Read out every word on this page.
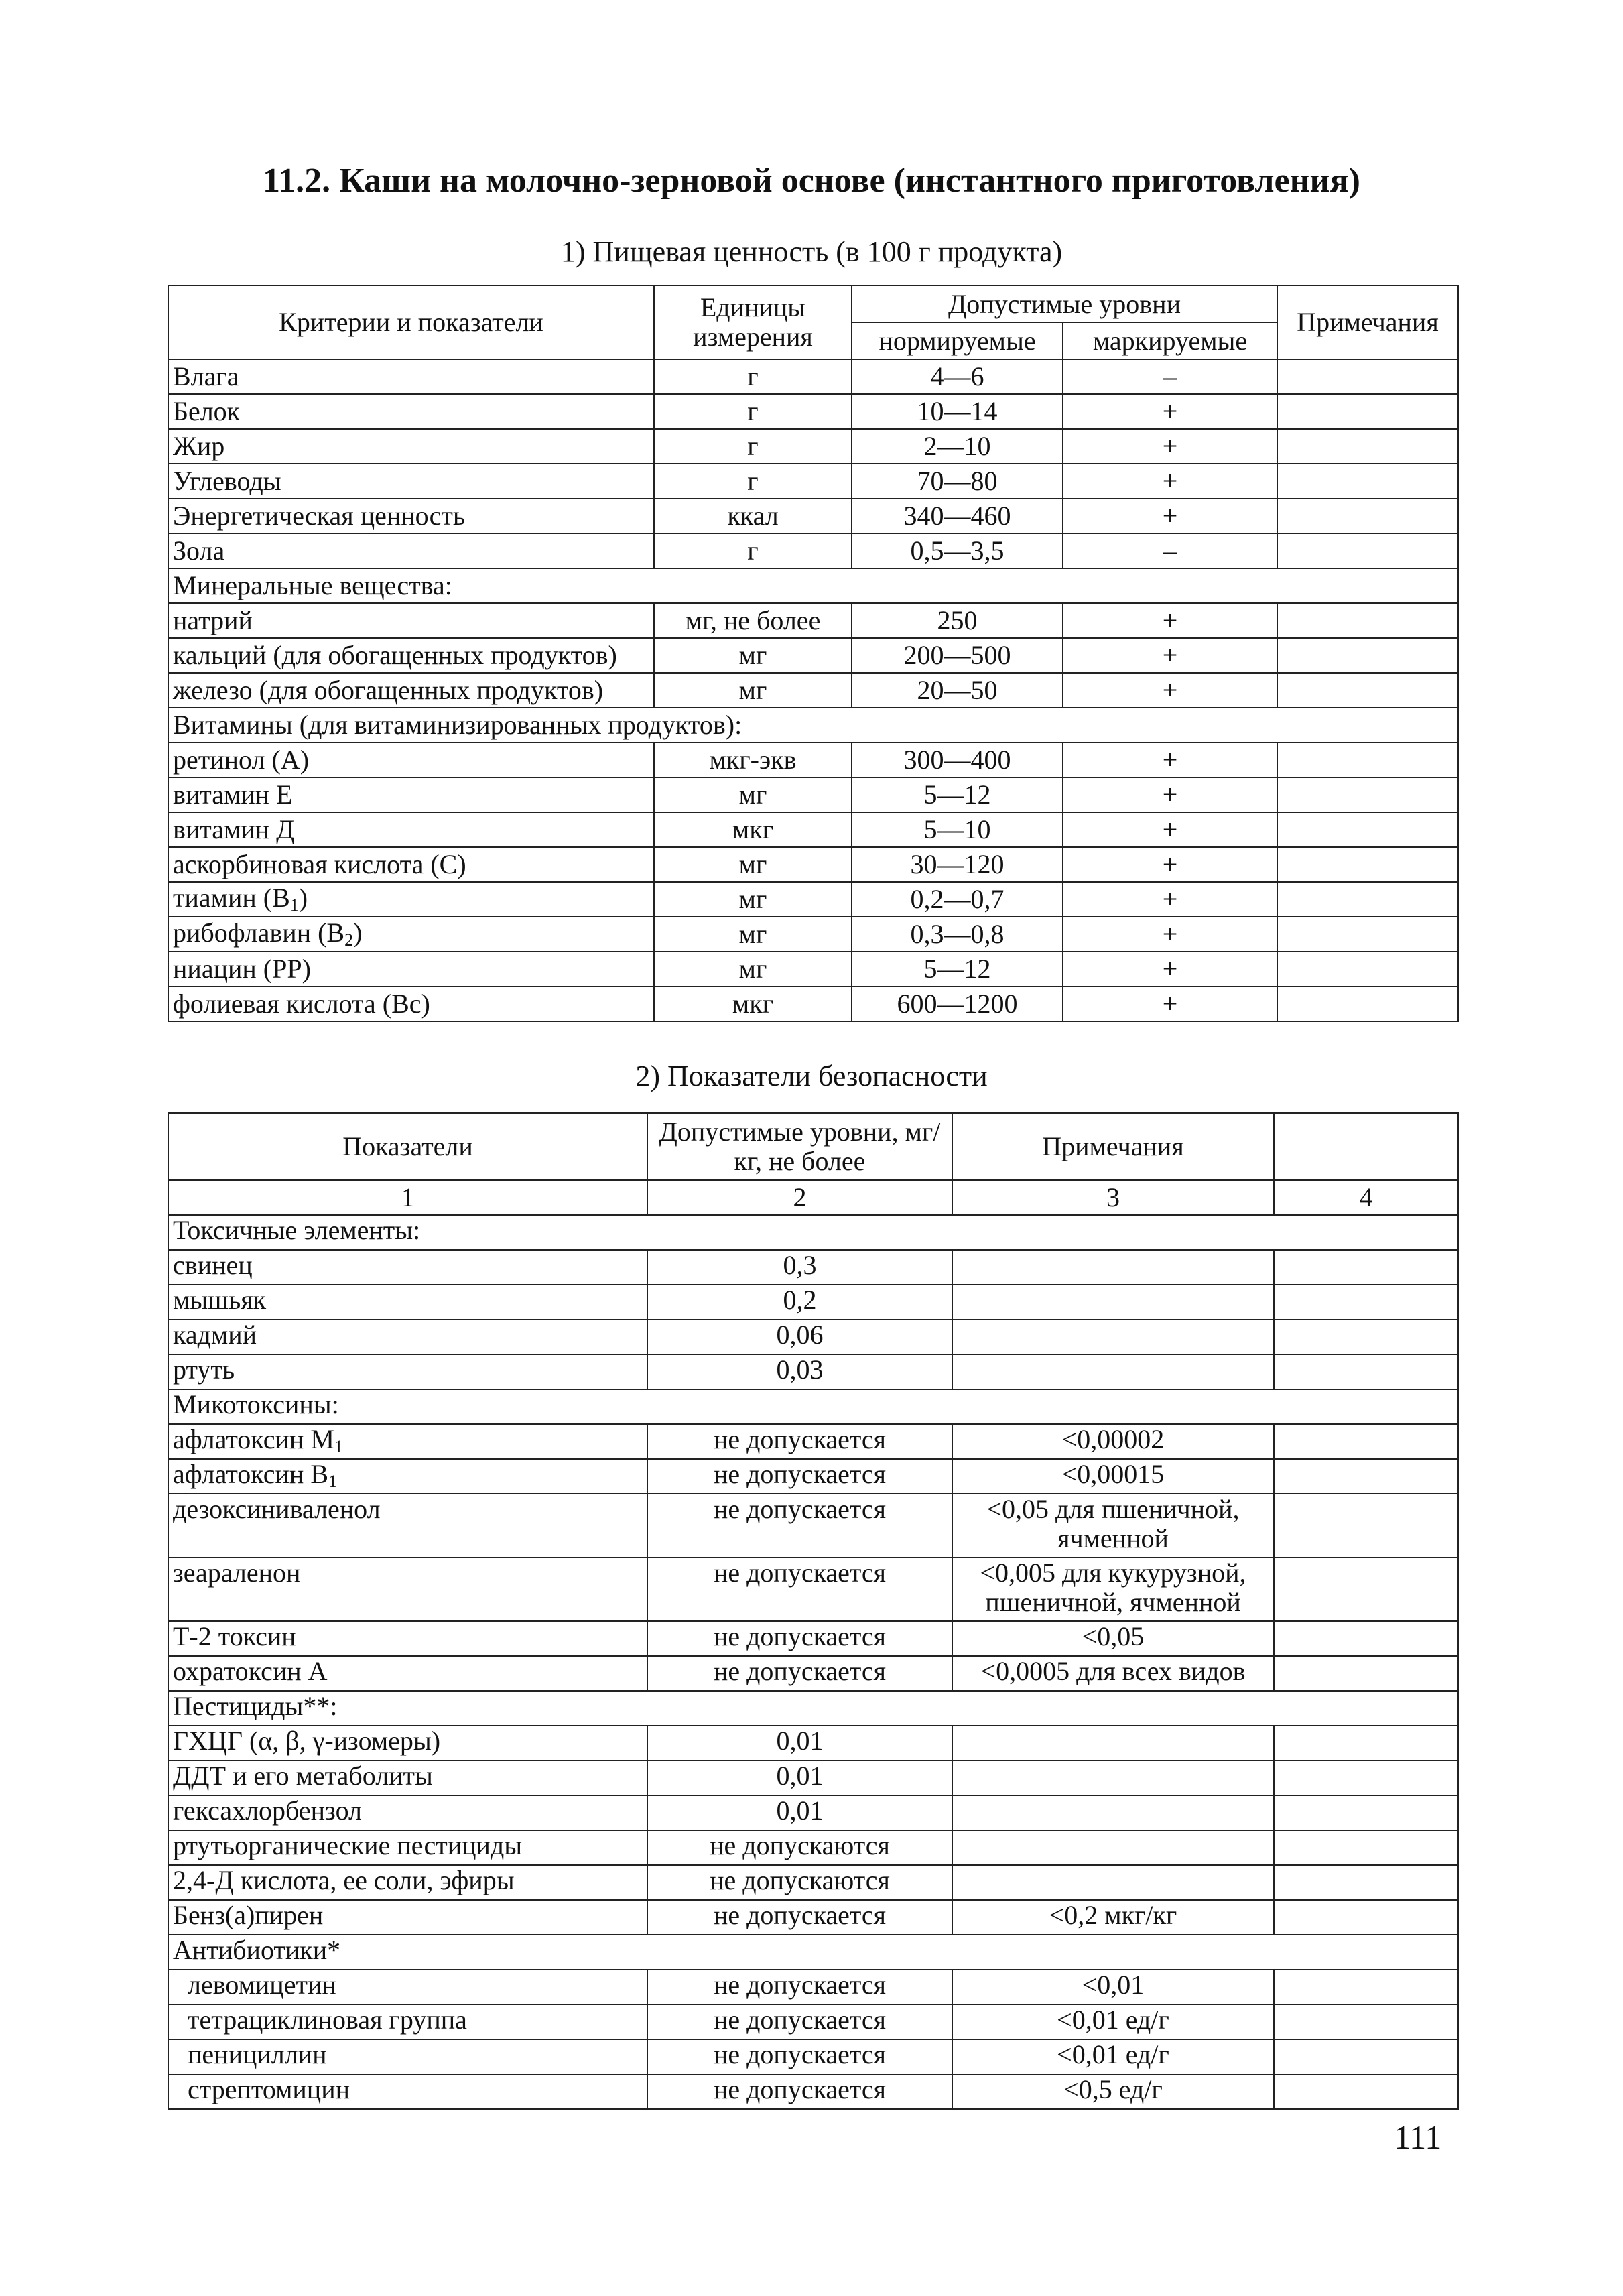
11.2. Каши на молочно-зерновой основе (инстантного приготовления)
1) Пищевая ценность (в 100 г продукта)
Критерии и показатели	Единицы измерения	Допустимые уровни		Примечания
		нормируемые	маркируемые	
Влага	г	4—6	–	
Белок	г	10—14	+	
Жир	г	2—10	+	
Углеводы	г	70—80	+	
Энергетическая ценность	ккал	340—460	+	
Зола	г	0,5—3,5	–	
Минеральные вещества:				
натрий	мг, не более	250	+	
кальций (для обогащенных продуктов)	мг	200—500	+	
железо (для обогащенных продуктов)	мг	20—50	+	
Витамины (для витаминизированных продуктов):				
ретинол (А)	мкг-экв	300—400	+	
витамин Е	мг	5—12	+	
витамин Д	мкг	5—10	+	
аскорбиновая кислота (С)	мг	30—120	+	
тиамин $(В_1)$	мг	0,2—0,7	+	
рибофлавин $(В_2)$	мг	0,3—0,8	+	
ниацин (РР)	мг	5—12	+	
фолиевая кислота (Вс)	мкг	600—1200	+	
2) Показатели безопасности
Показатели	Допустимые уровни, мг/кг, не более	Примечания	
1	2	3	4
Токсичные элементы:			
свинец	0,3		
мышьяк	0,2		
кадмий	0,06		
ртуть	0,03		
Микотоксины:			
афлатоксин $М_1$	не допускается	<0,00002	
афлатоксин $В_1$	не допускается	<0,00015	
дезоксиниваленол	не допускается	<0,05 для пшеничной, ячменной	
зеараленон	не допускается	<0,005 для кукурузной, пшеничной, ячменной	
Т-2 токсин	не допускается	<0,05	
охратоксин А	не допускается	<0,0005 для всех видов	
Пестициды**:			
ГХЦГ (α, β, γ-изомеры)	0,01		
ДДТ и его метаболиты	0,01		
гексахлорбензол	0,01		
ртутьорганические пестициды	не допускаются		
2,4-Д кислота, ее соли, эфиры	не допускаются		
Бенз(а)пирен	не допускается	<0,2 мкг/кг	
Антибиотики*			
левомицетин	не допускается	<0,01	
тетрациклиновая группа	не допускается	<0,01 ед/г	
пенициллин	не допускается	<0,01 ед/г	
стрептомицин	не допускается	<0,5 ед/г	
111
